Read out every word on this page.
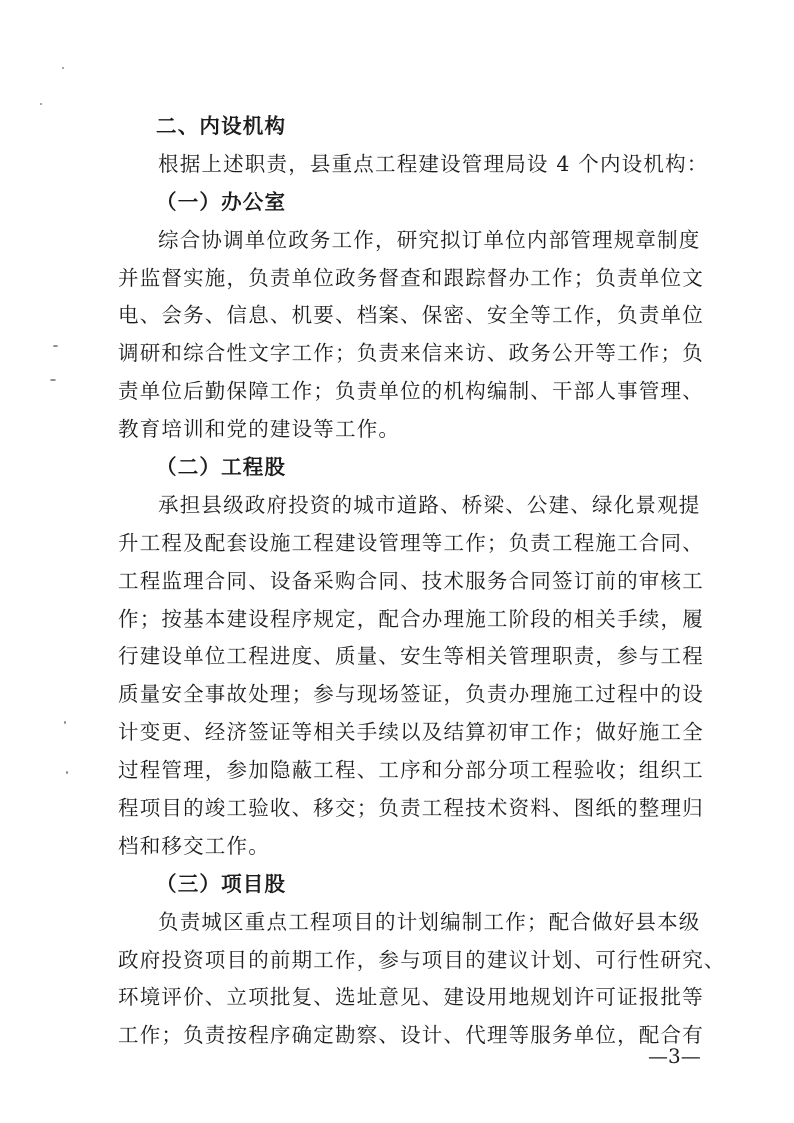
二、内设机构
根据上述职责，县重点工程建设管理局设 4 个内设机构：
（一）办公室
综合协调单位政务工作，研究拟订单位内部管理规章制度
并监督实施，负责单位政务督查和跟踪督办工作；负责单位文
电、会务、信息、机要、档案、保密、安全等工作，负责单位
调研和综合性文字工作；负责来信来访、政务公开等工作；负
责单位后勤保障工作；负责单位的机构编制、干部人事管理、
教育培训和党的建设等工作。
（二）工程股
承担县级政府投资的城市道路、桥梁、公建、绿化景观提
升工程及配套设施工程建设管理等工作；负责工程施工合同、
工程监理合同、设备采购合同、技术服务合同签订前的审核工
作；按基本建设程序规定，配合办理施工阶段的相关手续，履
行建设单位工程进度、质量、安生等相关管理职责，参与工程
质量安全事故处理；参与现场签证，负责办理施工过程中的设
计变更、经济签证等相关手续以及结算初审工作；做好施工全
过程管理，参加隐蔽工程、工序和分部分项工程验收；组织工
程项目的竣工验收、移交；负责工程技术资料、图纸的整理归
档和移交工作。
（三）项目股
负责城区重点工程项目的计划编制工作；配合做好县本级
政府投资项目的前期工作，参与项目的建议计划、可行性研究、
环境评价、立项批复、选址意见、建设用地规划许可证报批等
工作；负责按程序确定勘察、设计、代理等服务单位，配合有
—3—
